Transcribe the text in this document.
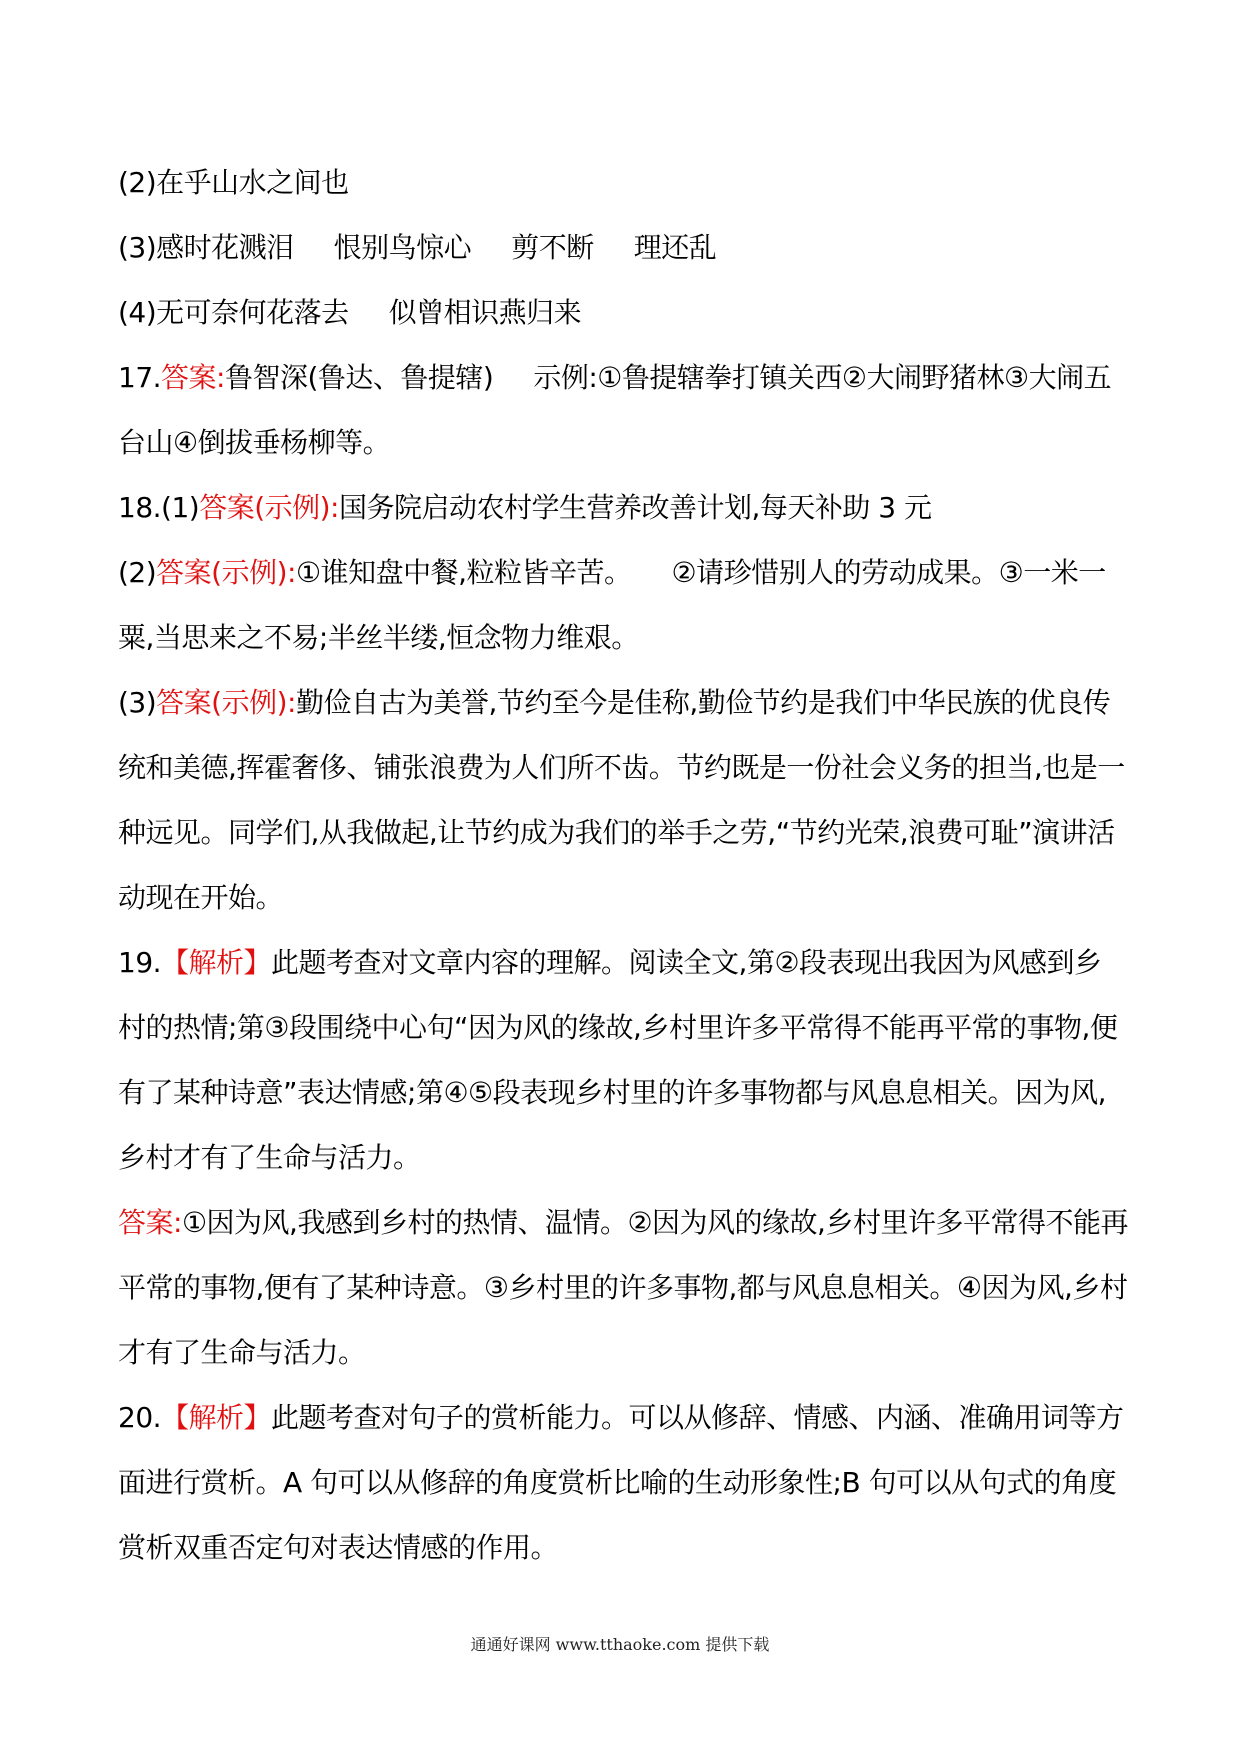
(2)在乎山水之间也

(3)感时花溅泪 恨别鸟惊心 剪不断 理还乱

(4)无可奈何花落去 似曾相识燕归来

17.答案:鲁智深(鲁达、鲁提辖) 示例:①鲁提辖拳打镇关西②大闹野猪林③大闹五台山④倒拔垂杨柳等。

18.(1)答案(示例):国务院启动农村学生营养改善计划,每天补助 3 元

(2)答案(示例):①谁知盘中餐,粒粒皆辛苦。 ②请珍惜别人的劳动成果。③一米一粟,当思来之不易;半丝半缕,恒念物力维艰。

(3)答案(示例):勤俭自古为美誉,节约至今是佳称,勤俭节约是我们中华民族的优良传统和美德,挥霍奢侈、铺张浪费为人们所不齿。节约既是一份社会义务的担当,也是一种远见。同学们,从我做起,让节约成为我们的举手之劳,“节约光荣,浪费可耻”演讲活动现在开始。

19.【解析】此题考查对文章内容的理解。阅读全文,第②段表现出我因为风感到乡村的热情;第③段围绕中心句“因为风的缘故,乡村里许多平常得不能再平常的事物,便有了某种诗意”表达情感;第④⑤段表现乡村里的许多事物都与风息息相关。因为风,乡村才有了生命与活力。

答案:①因为风,我感到乡村的热情、温情。②因为风的缘故,乡村里许多平常得不能再平常的事物,便有了某种诗意。③乡村里的许多事物,都与风息息相关。④因为风,乡村才有了生命与活力。

20.【解析】此题考查对句子的赏析能力。可以从修辞、情感、内涵、准确用词等方面进行赏析。A 句可以从修辞的角度赏析比喻的生动形象性;B 句可以从句式的角度赏析双重否定句对表达情感的作用。

通通好课网 www.tthaoke.com 提供下载
